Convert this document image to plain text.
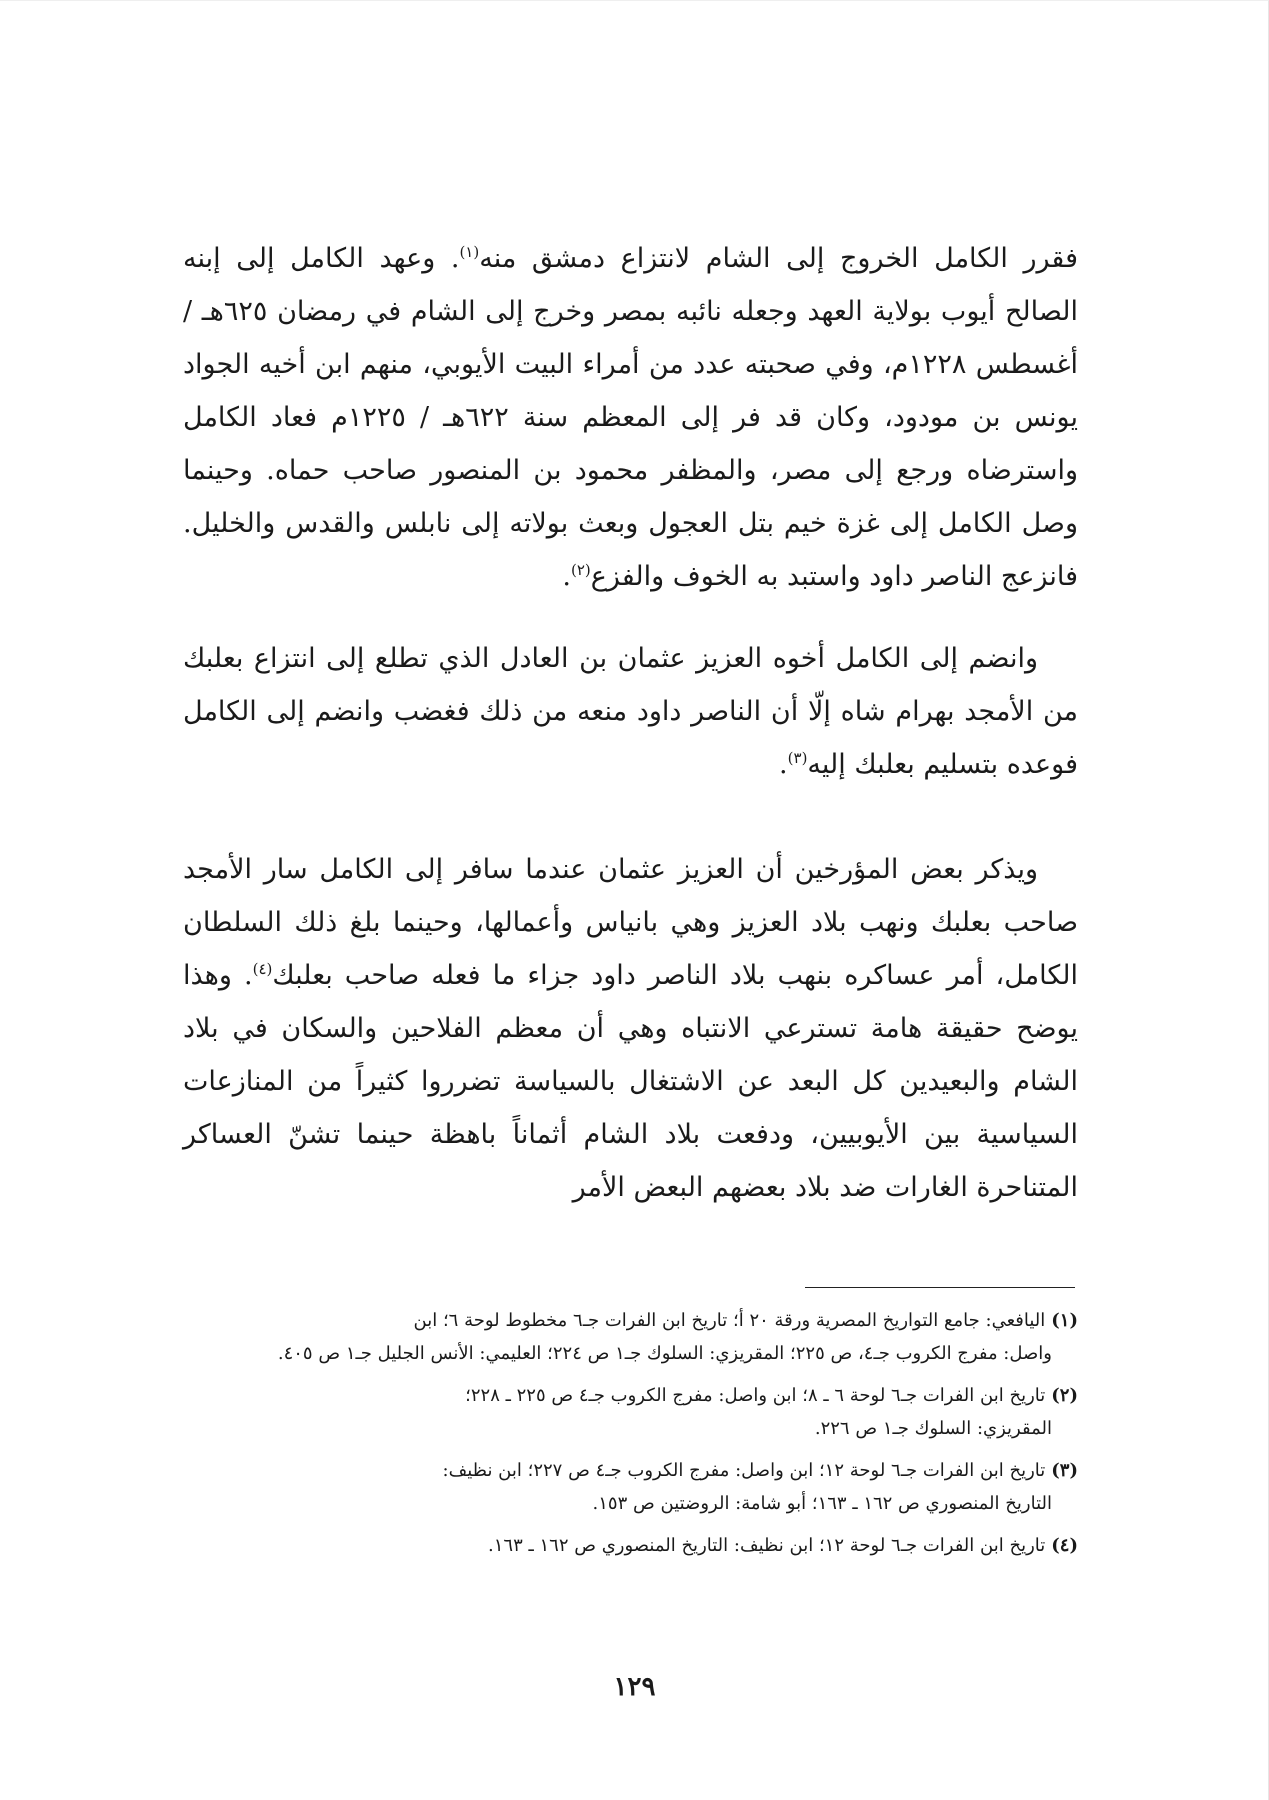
فقرر الكامل الخروج إلى الشام لانتزاع دمشق منه$^{(١)}$. وعهد الكامل إلى إبنه الصالح أيوب بولاية العهد وجعله نائبه بمصر وخرج إلى الشام في رمضان ٦٢٥هـ / أغسطس ١٢٢٨م، وفي صحبته عدد من أمراء البيت الأيوبي، منهم ابن أخيه الجواد يونس بن مودود، وكان قد فر إلى المعظم سنة ٦٢٢هـ / ١٢٢٥م فعاد الكامل واسترضاه ورجع إلى مصر، والمظفر محمود بن المنصور صاحب حماه. وحينما وصل الكامل إلى غزة خيم بتل العجول وبعث بولاته إلى نابلس والقدس والخليل. فانزعج الناصر داود واستبد به الخوف والفزع$^{(٢)}$.

وانضم إلى الكامل أخوه العزيز عثمان بن العادل الذي تطلع إلى انتزاع بعلبك من الأمجد بهرام شاه إلّا أن الناصر داود منعه من ذلك فغضب وانضم إلى الكامل فوعده بتسليم بعلبك إليه$^{(٣)}$.

ويذكر بعض المؤرخين أن العزيز عثمان عندما سافر إلى الكامل سار الأمجد صاحب بعلبك ونهب بلاد العزيز وهي بانياس وأعمالها، وحينما بلغ ذلك السلطان الكامل، أمر عساكره بنهب بلاد الناصر داود جزاء ما فعله صاحب بعلبك$^{(٤)}$. وهذا يوضح حقيقة هامة تسترعي الانتباه وهي أن معظم الفلاحين والسكان في بلاد الشام والبعيدين كل البعد عن الاشتغال بالسياسة تضرروا كثيراً من المنازعات السياسية بين الأيوبيين، ودفعت بلاد الشام أثماناً باهظة حينما تشنّ العساكر المتناحرة الغارات ضد بلاد بعضهم البعض الأمر

(١)اليافعي: جامع التواريخ المصرية ورقة ٢٠ أ؛ تاريخ ابن الفرات جـ٦ مخطوط لوحة ٦؛ ابن
واصل: مفرج الكروب جـ٤، ص ٢٢٥؛ المقريزي: السلوك جـ١ ص ٢٢٤؛ العليمي: الأنس الجليل جـ١ ص ٤٠٥.
(٢)تاريخ ابن الفرات جـ٦ لوحة ٦ ـ ٨؛ ابن واصل: مفرج الكروب جـ٤ ص ٢٢٥ ـ ٢٢٨؛
المقريزي: السلوك جـ١ ص ٢٢٦.
(٣)تاريخ ابن الفرات جـ٦ لوحة ١٢؛ ابن واصل: مفرج الكروب جـ٤ ص ٢٢٧؛ ابن نظيف:
التاريخ المنصوري ص ١٦٢ ـ ١٦٣؛ أبو شامة: الروضتين ص ١٥٣.
(٤)تاريخ ابن الفرات جـ٦ لوحة ١٢؛ ابن نظيف: التاريخ المنصوري ص ١٦٢ ـ ١٦٣.
١٢٩
